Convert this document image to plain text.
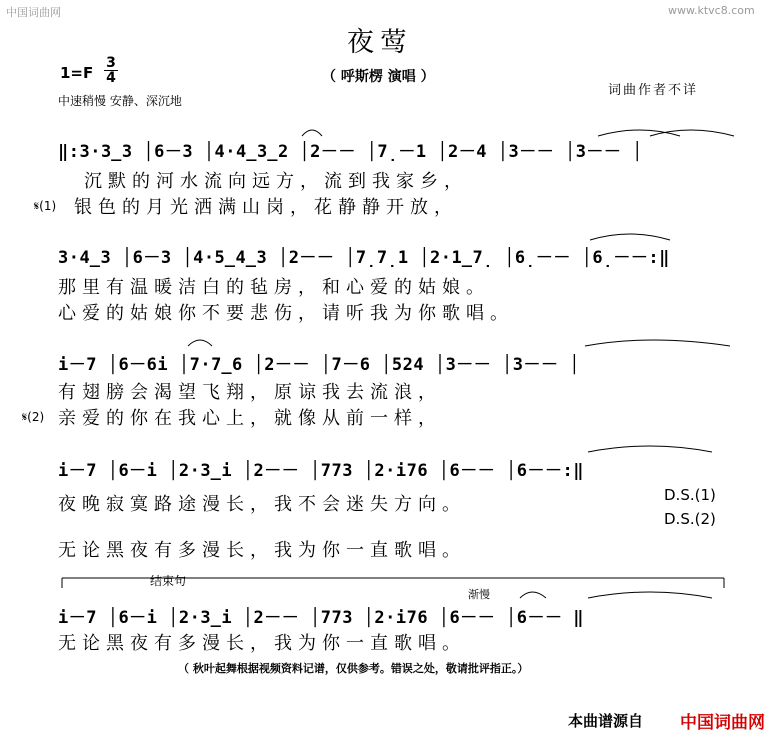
中国词曲网	www.ktvc8.com
夜莺
（ 呼斯楞 演唱 ）
1=F
3
4
中速稍慢 安静、深沉地
词曲作者不详
‖:3·3̲3 │6－3 │4·4̲3̲2 │2－－ │7̣－1 │2－4 │3－－ │3－－ │
沉默的河水流向远方，流到我家乡，
𝄋(1) 银色的月光洒满山岗，花静静开放，
3·4̲3 │6－3 │4·5̲4̲3 │2－－ │7̣7̣1 │2·1̲7̣ │6̣－－ │6̣－－:‖
那里有温暖洁白的毡房，和心爱的姑娘。
心爱的姑娘你不要悲伤，请听我为你歌唱。
i－7 │6－6i │7·7̲6 │2－－ │7－6 │524 │3－－ │3－－ │
有翅膀会渴望飞翔，原谅我去流浪，
𝄋(2) 亲爱的你在我心上，就像从前一样，
i－7 │6－i │2·3̲i │2－－ │773 │2·i76 │6－－ │6－－:‖
夜晚寂寞路途漫长，我不会迷失方向。	D.S.(1)
D.S.(2)
无论黑夜有多漫长，我为你一直歌唱。
结束句
渐慢
i－7 │6－i │2·3̲i │2－－ │773 │2·i76 │6－－ │6－－ ‖
无论黑夜有多漫长，我为你一直歌唱。
（ 秋叶起舞根据视频资料记谱，仅供参考。错误之处，敬请批评指正。）
本曲谱源自 中国词曲网
